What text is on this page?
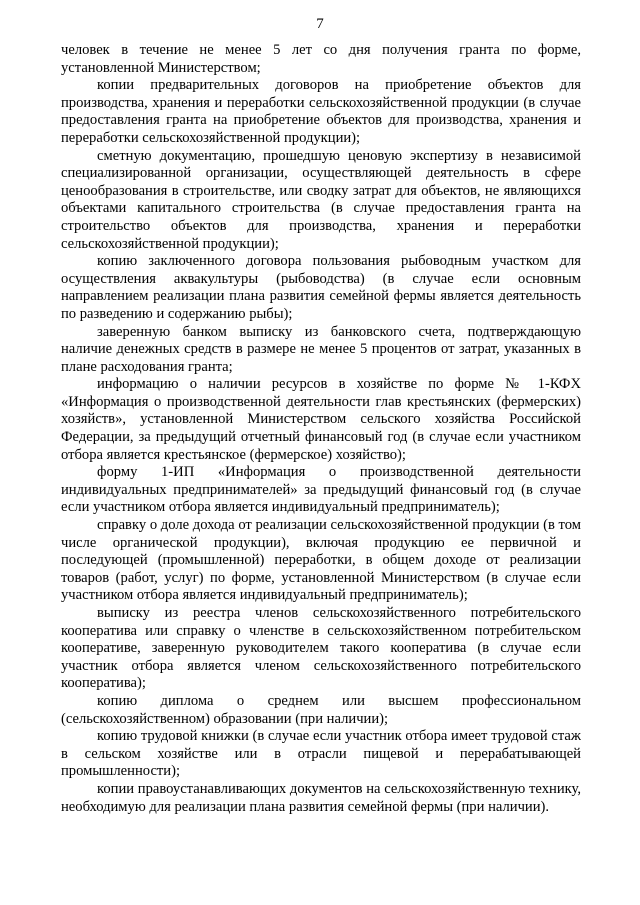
7

человек в течение не менее 5 лет со дня получения гранта по форме, установленной Министерством;

копии предварительных договоров на приобретение объектов для производства, хранения и переработки сельскохозяйственной продукции (в случае предоставления гранта на приобретение объектов для производства, хранения и переработки сельскохозяйственной продукции);

сметную документацию, прошедшую ценовую экспертизу в независимой специализированной организации, осуществляющей деятельность в сфере ценообразования в строительстве, или сводку затрат для объектов, не являющихся объектами капитального строительства (в случае предоставления гранта на строительство объектов для производства, хранения и переработки сельскохозяйственной продукции);

копию заключенного договора пользования рыбоводным участком для осуществления аквакультуры (рыбоводства) (в случае если основным направлением реализации плана развития семейной фермы является деятельность по разведению и содержанию рыбы);

заверенную банком выписку из банковского счета, подтверждающую наличие денежных средств в размере не менее 5 процентов от затрат, указанных в плане расходования гранта;

информацию о наличии ресурсов в хозяйстве по форме № 1-КФХ «Информация о производственной деятельности глав крестьянских (фермерских) хозяйств», установленной Министерством сельского хозяйства Российской Федерации, за предыдущий отчетный финансовый год (в случае если участником отбора является крестьянское (фермерское) хозяйство);

форму 1-ИП «Информация о производственной деятельности индивидуальных предпринимателей» за предыдущий финансовый год (в случае если участником отбора является индивидуальный предприниматель);

справку о доле дохода от реализации сельскохозяйственной продукции (в том числе органической продукции), включая продукцию ее первичной и последующей (промышленной) переработки, в общем доходе от реализации товаров (работ, услуг) по форме, установленной Министерством (в случае если участником отбора является индивидуальный предприниматель);

выписку из реестра членов сельскохозяйственного потребительского кооператива или справку о членстве в сельскохозяйственном потребительском кооперативе, заверенную руководителем такого кооператива (в случае если участник отбора является членом сельскохозяйственного потребительского кооператива);

копию диплома о среднем или высшем профессиональном (сельскохозяйственном) образовании (при наличии);

копию трудовой книжки (в случае если участник отбора имеет трудовой стаж в сельском хозяйстве или в отрасли пищевой и перерабатывающей промышленности);

копии правоустанавливающих документов на сельскохозяйственную технику, необходимую для реализации плана развития семейной фермы (при наличии).
